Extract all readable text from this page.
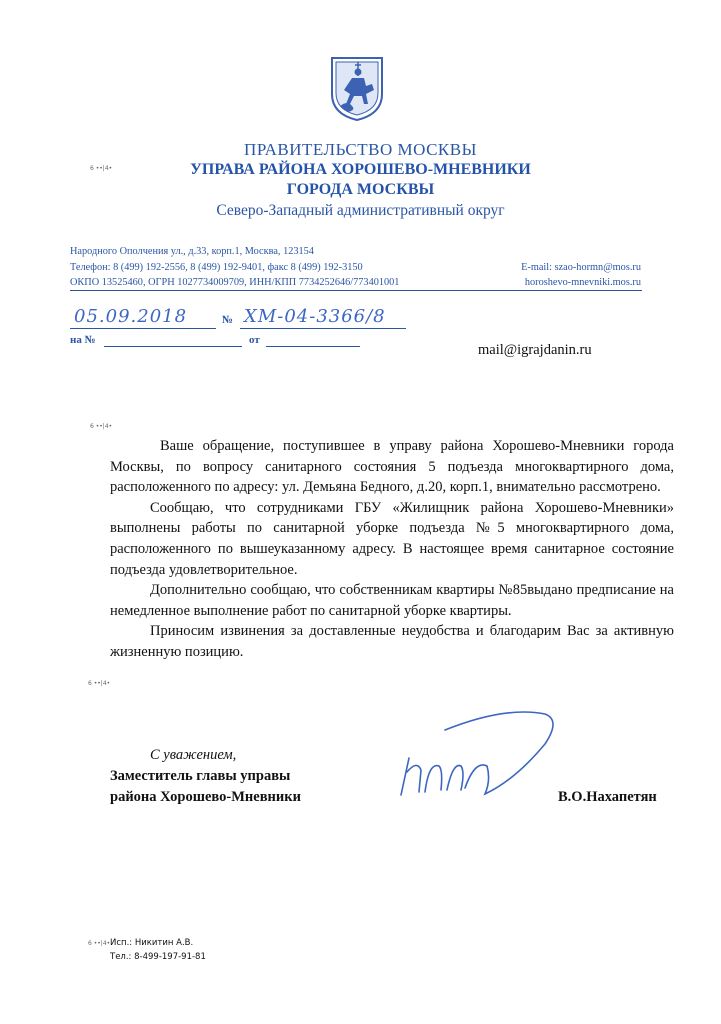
ПРАВИТЕЛЬСТВО МОСКВЫ
УПРАВА РАЙОНА ХОРОШЕВО-МНЕВНИКИ
ГОРОДА МОСКВЫ
Северо-Западный административный округ
Народного Ополчения ул., д.33, корп.1, Москва, 123154
Телефон: 8 (499) 192-2556, 8 (499) 192-9401, факс 8 (499) 192-3150
ОКПО 13525460, ОГРН 1027734009709, ИНН/КПП 7734252646/773401001
E-mail: szao-hormn@mos.ru
horoshevo-mnevniki.mos.ru
05.09.2018	№ ХМ-04-3366/8
на №	от
mail@igrajdanin.ru

Ваше обращение, поступившее в управу района Хорошево-Мневники города Москвы, по вопросу санитарного состояния 5 подъезда многоквартирного дома, расположенного по адресу: ул. Демьяна Бедного, д.20, корп.1, внимательно рассмотрено.

Сообщаю, что сотрудниками ГБУ «Жилищник района Хорошево-Мневники» выполнены работы по санитарной уборке подъезда №5 многоквартирного дома, расположенного по вышеуказанному адресу. В настоящее время санитарное состояние подъезда удовлетворительное.

Дополнительно сообщаю, что собственникам квартиры №85выдано предписание на немедленное выполнение работ по санитарной уборке квартиры.

Приносим извинения за доставленные неудобства и благодарим Вас за активную жизненную позицию.

С уважением,
Заместитель главы управы
района Хорошево-Мневники	В.О.Нахапетян
Исп.: Никитин А.В.
Тел.: 8-499-197-91-81
6 ••|4•
6 ••|4•
6 ••|4•
6 ••|4•
